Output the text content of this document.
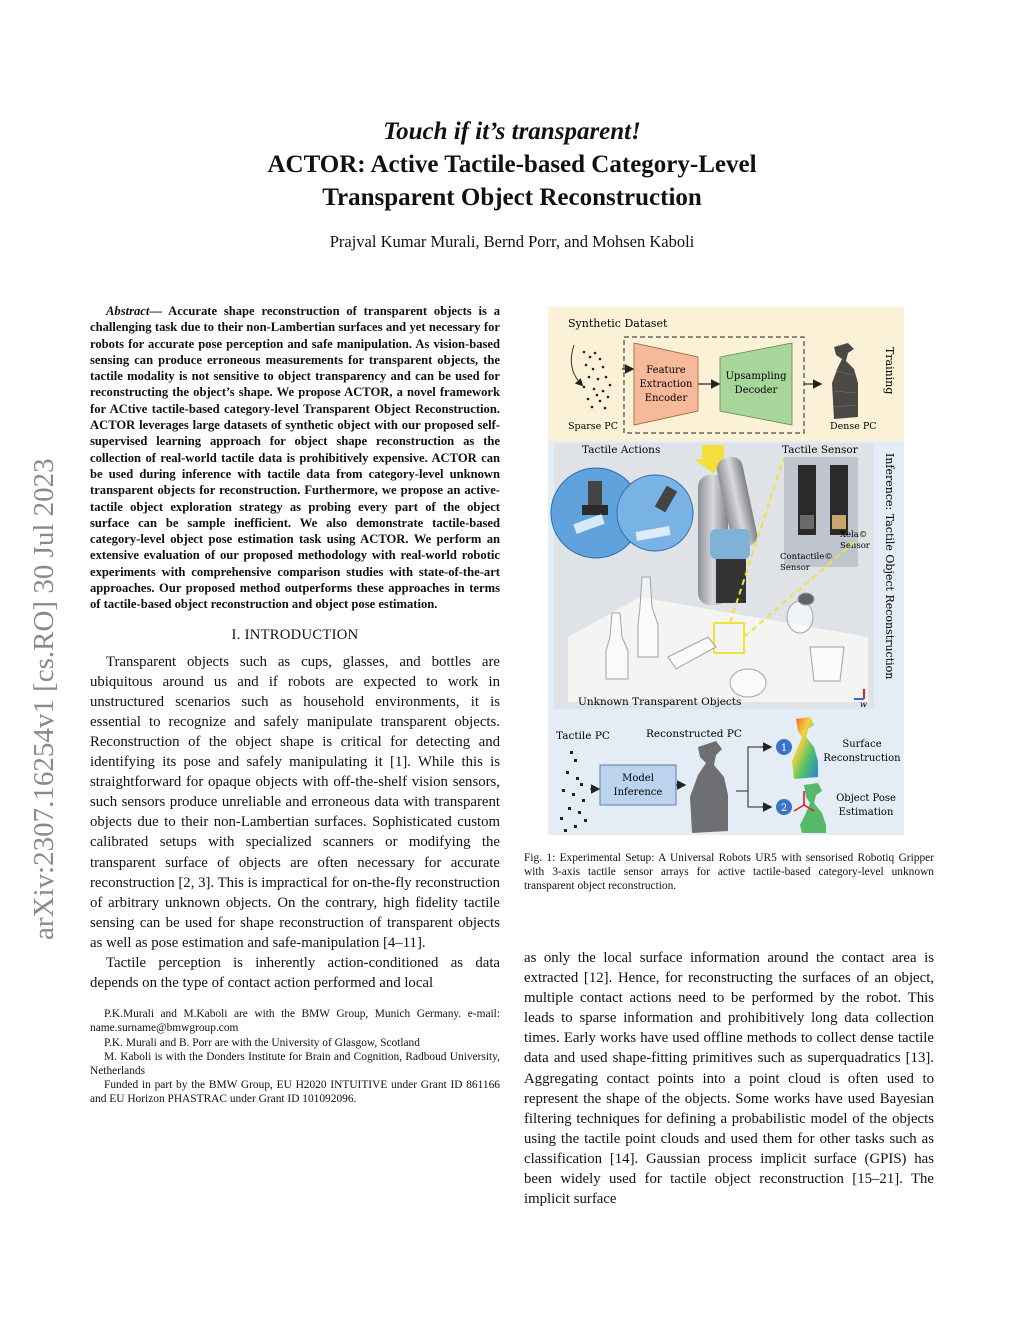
arXiv:2307.16254v1 [cs.RO] 30 Jul 2023
Touch if it’s transparent!
ACTOR: Active Tactile-based Category-Level
Transparent Object Reconstruction
Prajval Kumar Murali, Bernd Porr, and Mohsen Kaboli
Abstract— Accurate shape reconstruction of transparent objects is a challenging task due to their non-Lambertian surfaces and yet necessary for robots for accurate pose perception and safe manipulation. As vision-based sensing can produce erroneous measurements for transparent objects, the tactile modality is not sensitive to object transparency and can be used for reconstructing the object’s shape. We propose ACTOR, a novel framework for ACtive tactile-based category-level Transparent Object Reconstruction. ACTOR leverages large datasets of synthetic object with our proposed self-supervised learning approach for object shape reconstruction as the collection of real-world tactile data is prohibitively expensive. ACTOR can be used during inference with tactile data from category-level unknown transparent objects for reconstruction. Furthermore, we propose an active-tactile object exploration strategy as probing every part of the object surface can be sample inefficient. We also demonstrate tactile-based category-level object pose estimation task using ACTOR. We perform an extensive evaluation of our proposed methodology with real-world robotic experiments with comprehensive comparison studies with state-of-the-art approaches. Our proposed method outperforms these approaches in terms of tactile-based object reconstruction and object pose estimation.
I. INTRODUCTION

Transparent objects such as cups, glasses, and bottles are ubiquitous around us and if robots are expected to work in unstructured scenarios such as household environments, it is essential to recognize and safely manipulate transparent objects. Reconstruction of the object shape is critical for detecting and identifying its pose and safely manipulating it [1]. While this is straightforward for opaque objects with off-the-shelf vision sensors, such sensors produce unreliable and erroneous data with transparent objects due to their non-Lambertian surfaces. Sophisticated custom calibrated setups with specialized scanners or modifying the transparent surface of objects are often necessary for accurate reconstruction [2, 3]. This is impractical for on-the-fly reconstruction of arbitrary unknown objects. On the contrary, high fidelity tactile sensing can be used for shape reconstruction of transparent objects as well as pose estimation and safe-manipulation [4–11].

Tactile perception is inherently action-conditioned as data depends on the type of contact action performed and local

P.K.Murali and M.Kaboli are with the BMW Group, Munich Germany. e-mail: name.surname@bmwgroup.com

P.K. Murali and B. Porr are with the University of Glasgow, Scotland

M. Kaboli is with the Donders Institute for Brain and Cognition, Radboud University, Netherlands

Funded in part by the BMW Group, EU H2020 INTUITIVE under Grant ID 861166 and EU Horizon PHASTRAC under Grant ID 101092096.

Synthetic Dataset
Sparse PC
Feature
Extraction
Encoder
Upsampling
Decoder
Dense PC
Training
Tactile Actions	Tactile Sensor
Xela©
Sensor
Contactile©
Sensor
Unknown Transparent Objects	w
Inference: Tactile Object Reconstruction
Tactile PC
Model
Inference
Reconstructed PC
1
2
Surface
Reconstruction
Object Pose
Estimation
Fig. 1: Experimental Setup: A Universal Robots UR5 with sensorised Robotiq Gripper with 3-axis tactile sensor arrays for active tactile-based category-level unknown transparent object reconstruction.

as only the local surface information around the contact area is extracted [12]. Hence, for reconstructing the surfaces of an object, multiple contact actions need to be performed by the robot. This leads to sparse information and prohibitively long data collection times. Early works have used offline methods to collect dense tactile data and used shape-fitting primitives such as superquadratics [13]. Aggregating contact points into a point cloud is often used to represent the shape of the objects. Some works have used Bayesian filtering techniques for defining a probabilistic model of the objects using the tactile point clouds and used them for other tasks such as classification [14]. Gaussian process implicit surface (GPIS) has been widely used for tactile object reconstruction [15–21]. The implicit surface
